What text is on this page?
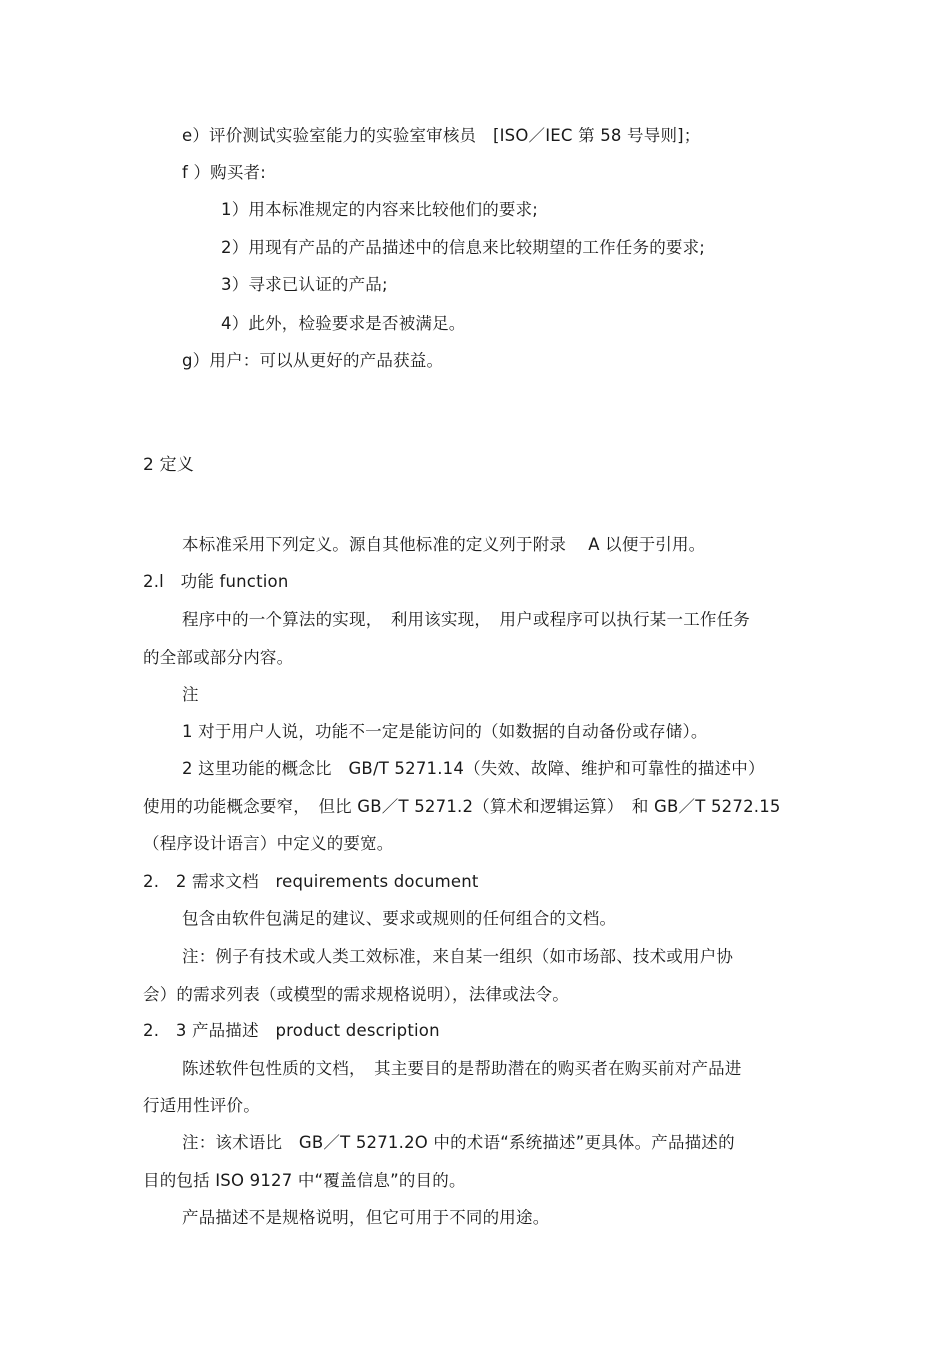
e）评价测试实验室能力的实验室审核员　[ISO／IEC 第 58 号导则]；
f ）购买者:
1）用本标准规定的内容来比较他们的要求;
2）用现有产品的产品描述中的信息来比较期望的工作任务的要求;
3）寻求已认证的产品;
4）此外，检验要求是否被满足。
g）用户：可以从更好的产品获益。
2 定义
本标准采用下列定义。源自其他标准的定义列于附录　 A 以便于引用。
2.l　功能 function
程序中的一个算法的实现，　利用该实现，　用户或程序可以执行某一工作任务
的全部或部分内容。
注
1 对于用户人说，功能不一定是能访问的（如数据的自动备份或存储）。
2 这里功能的概念比　GB∕T 5271.14（失效、故障、维护和可靠性的描述中）
使用的功能概念要窄，　但比 GB／T 5271.2（算术和逻辑运算）　和 GB／T 5272.15
（程序设计语言）中定义的要宽。
2.　2 需求文档　requirements document
包含由软件包满足的建议、要求或规则的任何组合的文档。
注：例子有技术或人类工效标准，来自某一组织（如市场部、技术或用户协
会）的需求列表（或模型的需求规格说明），法律或法令。
2.　3 产品描述　product description
陈述软件包性质的文档，　其主要目的是帮助潜在的购买者在购买前对产品进
行适用性评价。
注：该术语比　GB／T 5271.2O 中的术语“系统描述”更具体。产品描述的
目的包括 ISO 9127 中“覆盖信息”的目的。
产品描述不是规格说明，但它可用于不同的用途。
